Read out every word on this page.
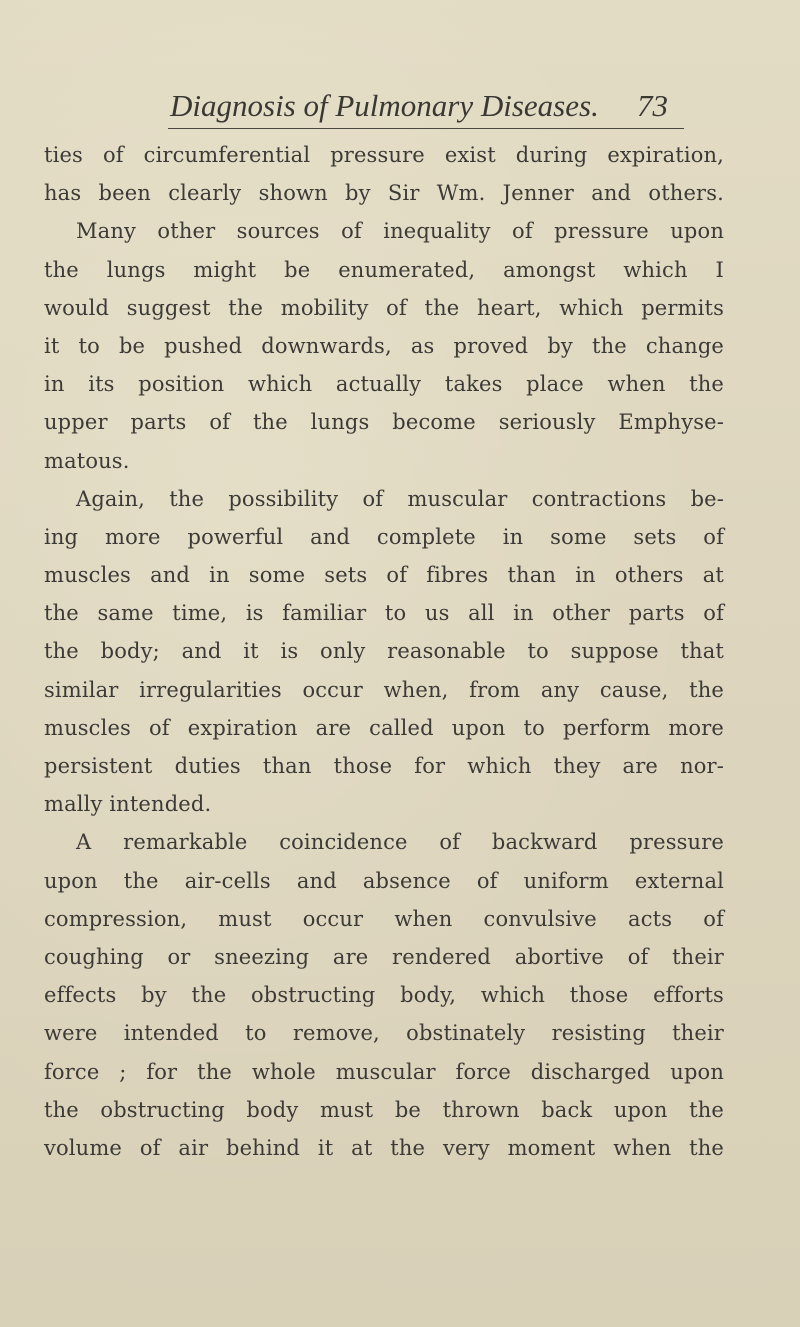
Diagnosis of Pulmonary Diseases. 73
ties of circumferential pressure exist during expiration,
has been clearly shown by Sir Wm. Jenner and others.
Many other sources of inequality of pressure upon
the lungs might be enumerated, amongst which I
would suggest the mobility of the heart, which permits
it to be pushed downwards, as proved by the change
in its position which actually takes place when the
upper parts of the lungs become seriously Emphyse-
matous.
Again, the possibility of muscular contractions be-
ing more powerful and complete in some sets of
muscles and in some sets of fibres than in others at
the same time, is familiar to us all in other parts of
the body; and it is only reasonable to suppose that
similar irregularities occur when, from any cause, the
muscles of expiration are called upon to perform more
persistent duties than those for which they are nor-
mally intended.
A remarkable coincidence of backward pressure
upon the air-cells and absence of uniform external
compression, must occur when convulsive acts of
coughing or sneezing are rendered abortive of their
effects by the obstructing body, which those efforts
were intended to remove, obstinately resisting their
force ; for the whole muscular force discharged upon
the obstructing body must be thrown back upon the
volume of air behind it at the very moment when the
